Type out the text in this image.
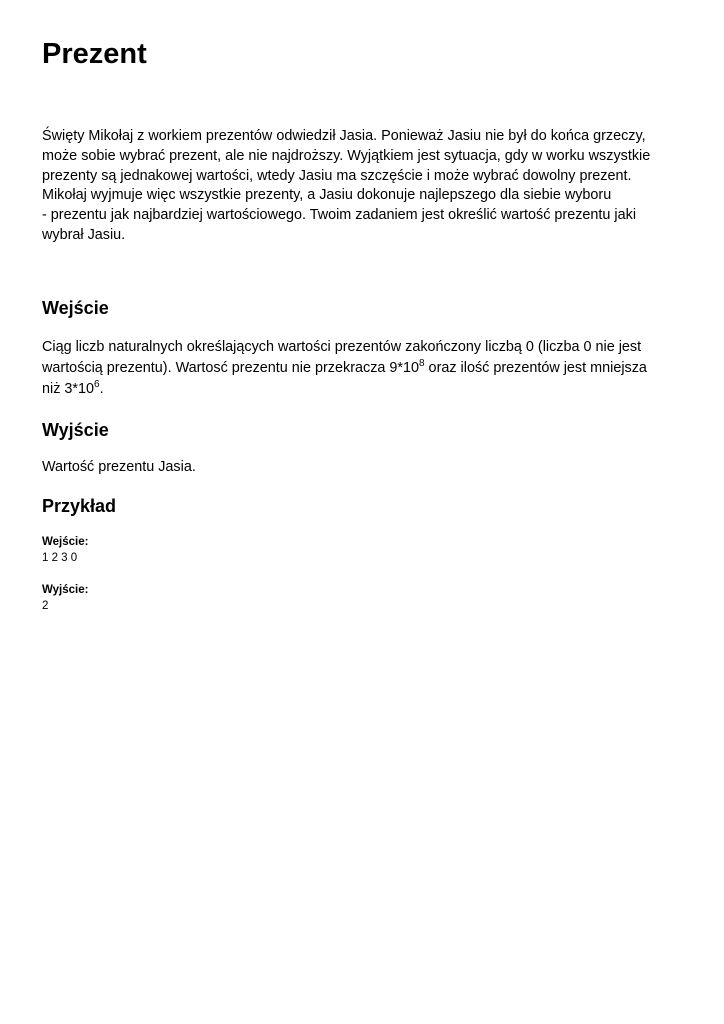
Prezent

Święty Mikołaj z workiem prezentów odwiedził Jasia. Ponieważ Jasiu nie był do końca grzeczy,
może sobie wybrać prezent, ale nie najdroższy. Wyjątkiem jest sytuacja, gdy w worku wszystkie
prezenty są jednakowej wartości, wtedy Jasiu ma szczęście i może wybrać dowolny prezent.
Mikołaj wyjmuje więc wszystkie prezenty, a Jasiu dokonuje najlepszego dla siebie wyboru
- prezentu jak najbardziej wartościowego. Twoim zadaniem jest określić wartość prezentu jaki
wybrał Jasiu.

Wejście

Ciąg liczb naturalnych określających wartości prezentów zakończony liczbą 0 (liczba 0 nie jest
wartością prezentu). Wartosć prezentu nie przekracza $9*10^8$ oraz ilość prezentów jest mniejsza
niż $3*10^6$.

Wyjście

Wartość prezentu Jasia.

Przykład
Wejście:
1 2 3 0
Wyjście:
2
